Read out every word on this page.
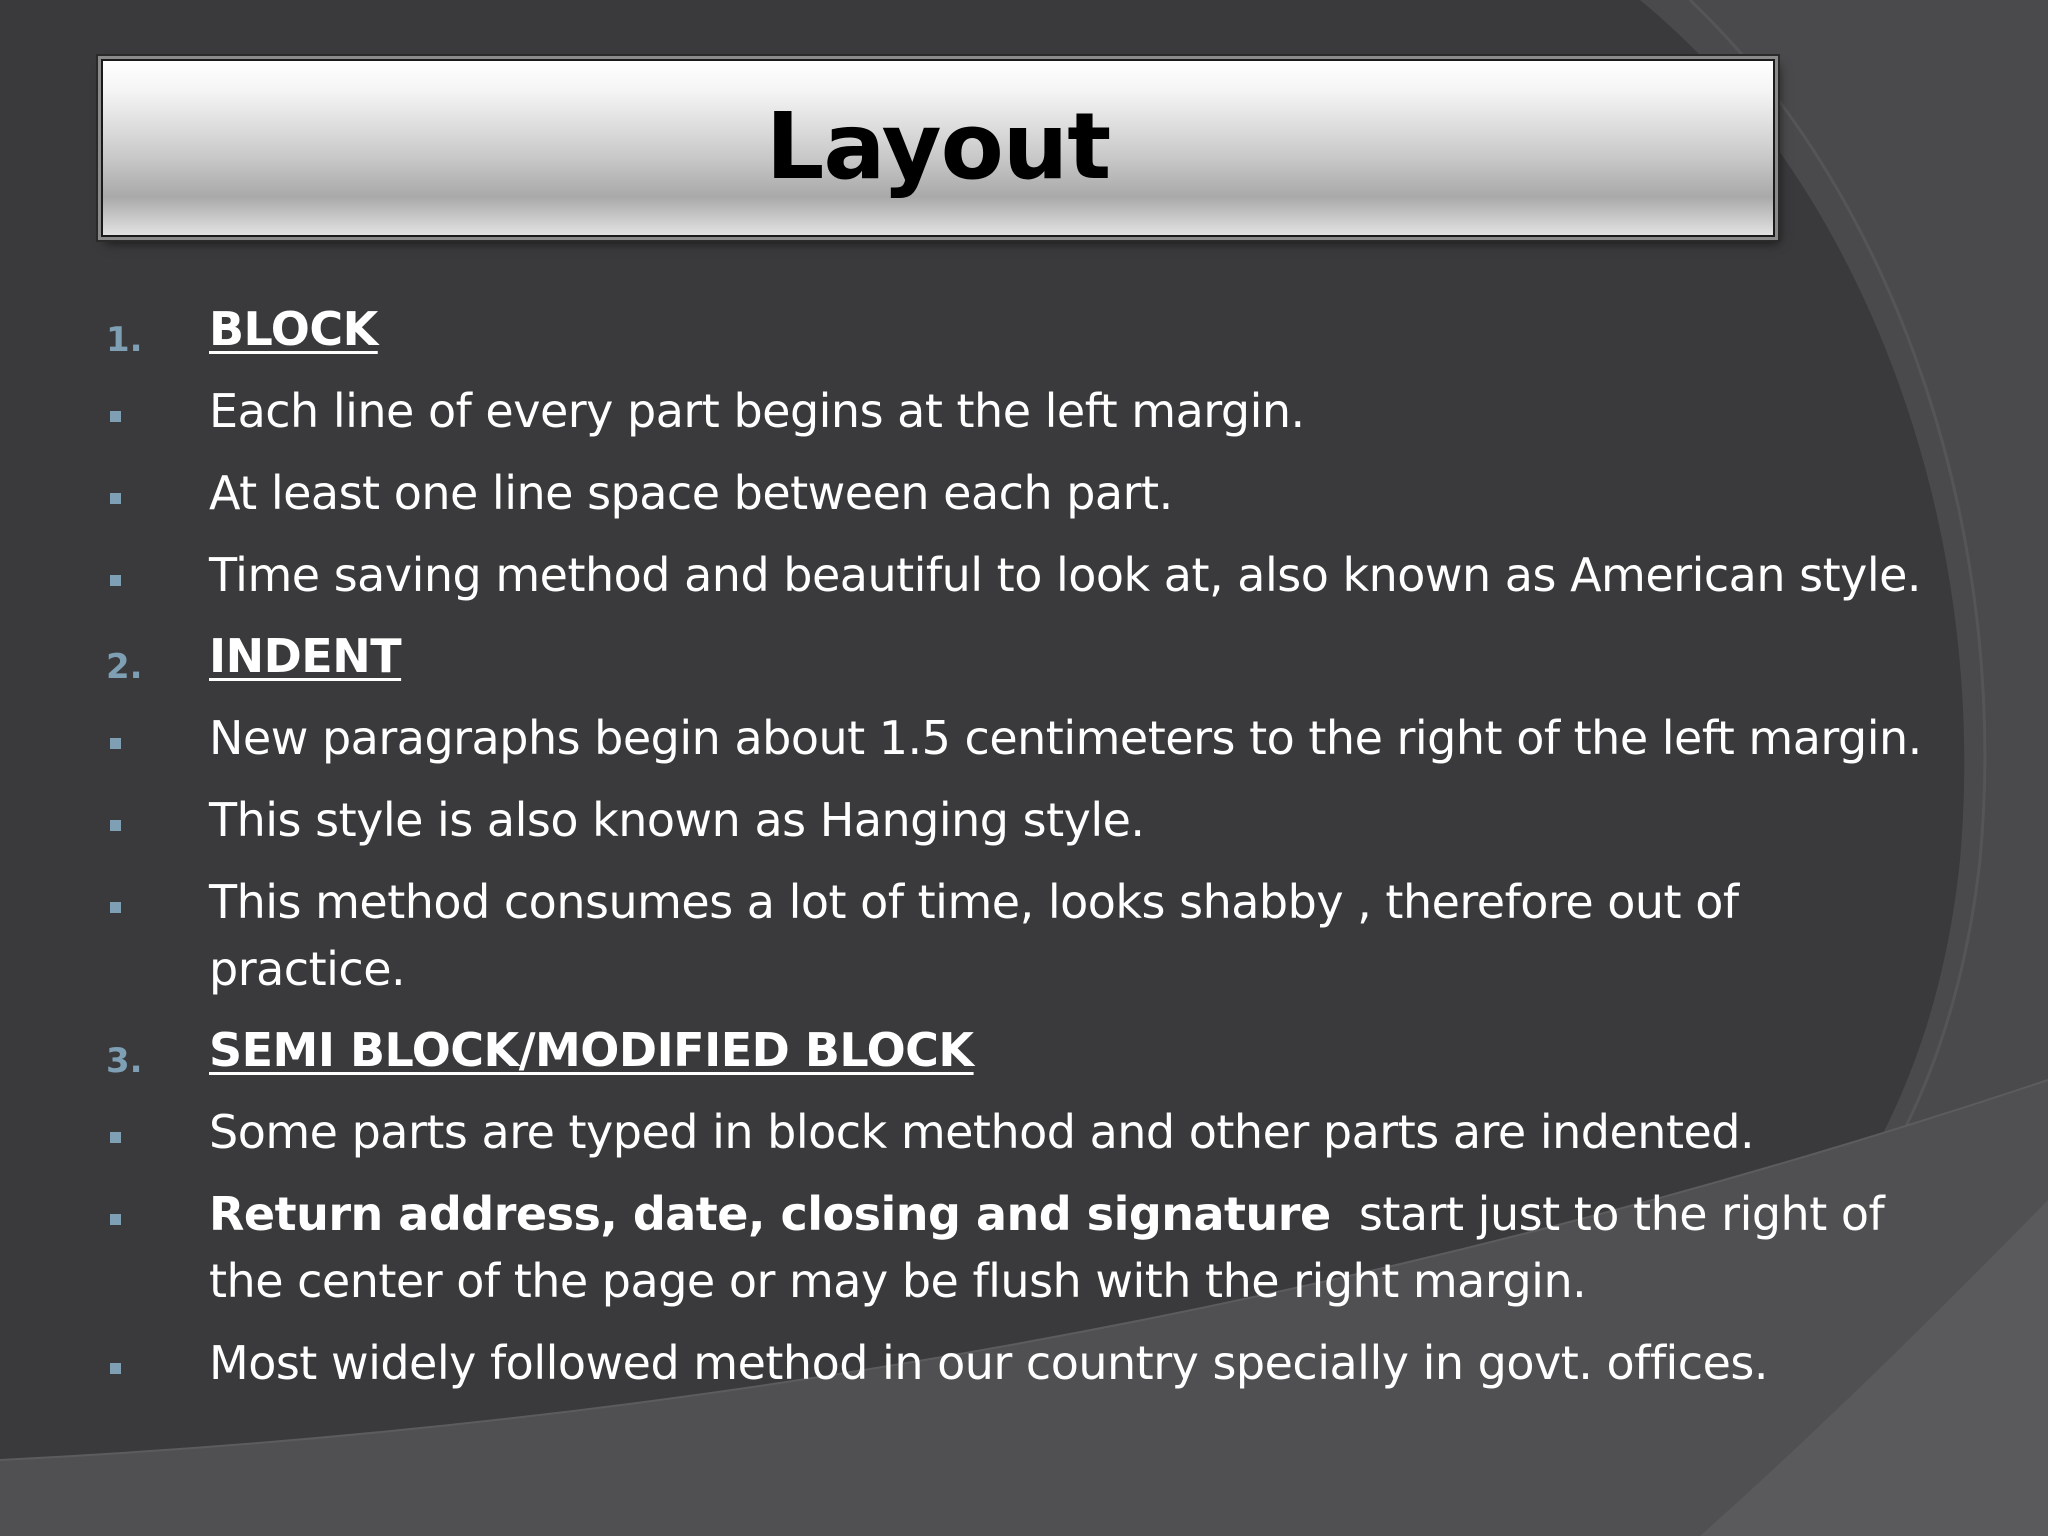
Layout
1.	BLOCK
Each line of every part begins at the left margin.
At least one line space between each part.
Time saving method and beautiful to look at, also known as American style.
2.	INDENT
New paragraphs begin about 1.5 centimeters to the right of the left margin.
This style is also known as Hanging style.
This method consumes a lot of time, looks shabby , therefore out of practice.
3.	SEMI BLOCK/MODIFIED BLOCK
Some parts are typed in block method and other parts are indented.
Return address, date, closing and signature  start just to the right of the center of the page or may be flush with the right margin.
Most widely followed method in our country specially in govt. offices.
